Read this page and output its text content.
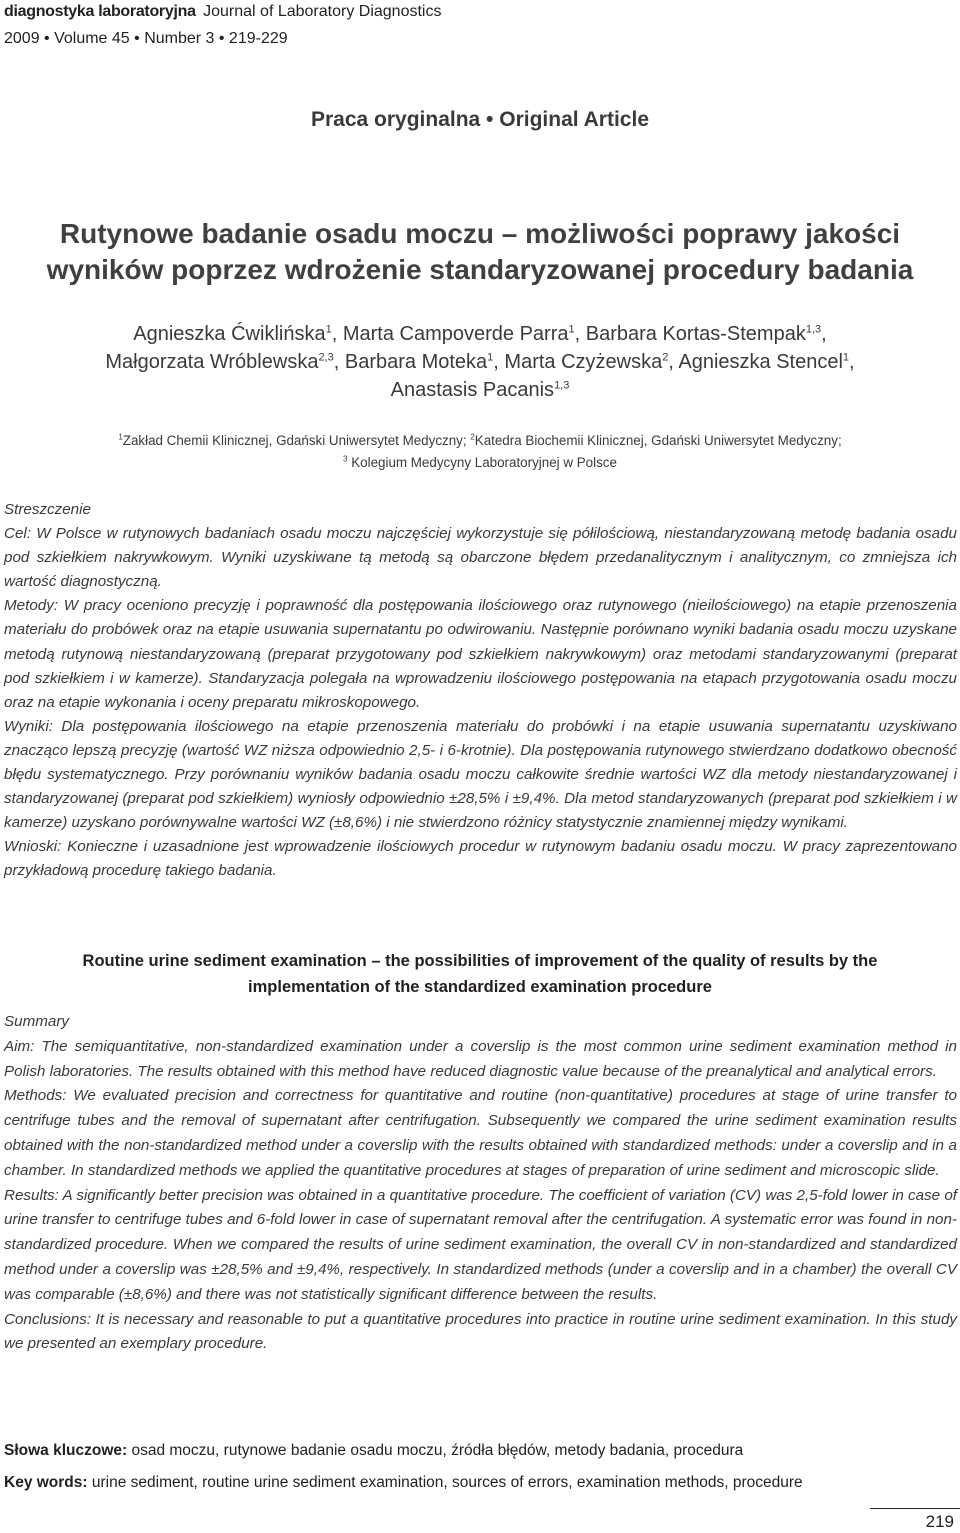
diagnostyka laboratoryjna Journal of Laboratory Diagnostics
2009 • Volume 45 • Number 3 • 219-229
Praca oryginalna • Original Article
Rutynowe badanie osadu moczu – możliwości poprawy jakości
wyników poprzez wdrożenie standaryzowanej procedury badania
Agnieszka Ćwiklińska$^1$, Marta Campoverde Parra$^1$, Barbara Kortas-Stempak$^{1,3}$,
Małgorzata Wróblewska$^{2,3}$, Barbara Moteka$^1$, Marta Czyżewska$^2$, Agnieszka Stencel$^1$,
Anastasis Pacanis$^{1,3}$
$^1$Zakład Chemii Klinicznej, Gdański Uniwersytet Medyczny; $^2$Katedra Biochemii Klinicznej, Gdański Uniwersytet Medyczny;
$^3$ Kolegium Medycyny Laboratoryjnej w Polsce

Streszczenie

Cel: W Polsce w rutynowych badaniach osadu moczu najczęściej wykorzystuje się półilościową, niestandaryzowaną metodę badania osadu pod szkiełkiem nakrywkowym. Wyniki uzyskiwane tą metodą są obarczone błędem przedanalitycznym i analitycznym, co zmniejsza ich wartość diagnostyczną.

Metody: W pracy oceniono precyzję i poprawność dla postępowania ilościowego oraz rutynowego (nieilościowego) na etapie przenoszenia materiału do probówek oraz na etapie usuwania supernatantu po odwirowaniu. Następnie porównano wyniki badania osadu moczu uzyskane metodą rutynową niestandaryzowaną (preparat przygotowany pod szkiełkiem nakrywkowym) oraz metodami standaryzowanymi (preparat pod szkiełkiem i w kamerze). Standaryzacja polegała na wprowadzeniu ilościowego postępowania na etapach przygotowania osadu moczu oraz na etapie wykonania i oceny preparatu mikroskopowego.

Wyniki: Dla postępowania ilościowego na etapie przenoszenia materiału do probówki i na etapie usuwania supernatantu uzyskiwano znacząco lepszą precyzję (wartość WZ niższa odpowiednio 2,5- i 6-krotnie). Dla postępowania rutynowego stwierdzano dodatkowo obecność błędu systematycznego. Przy porównaniu wyników badania osadu moczu całkowite średnie wartości WZ dla metody niestandaryzowanej i standaryzowanej (preparat pod szkiełkiem) wyniosły odpowiednio ±28,5% i ±9,4%. Dla metod standaryzowanych (preparat pod szkiełkiem i w kamerze) uzyskano porównywalne wartości WZ (±8,6%) i nie stwierdzono różnicy statystycznie znamiennej między wynikami.

Wnioski: Konieczne i uzasadnione jest wprowadzenie ilościowych procedur w rutynowym badaniu osadu moczu. W pracy zaprezentowano przykładową procedurę takiego badania.

Routine urine sediment examination – the possibilities of improvement of the quality of results by the implementation of the standardized examination procedure

Summary

Aim: The semiquantitative, non-standardized examination under a coverslip is the most common urine sediment examination method in Polish laboratories. The results obtained with this method have reduced diagnostic value because of the preanalytical and analytical errors.

Methods: We evaluated precision and correctness for quantitative and routine (non-quantitative) procedures at stage of urine transfer to centrifuge tubes and the removal of supernatant after centrifugation. Subsequently we compared the urine sediment examination results obtained with the non-standardized method under a coverslip with the results obtained with standardized methods: under a coverslip and in a chamber. In standardized methods we applied the quantitative procedures at stages of preparation of urine sediment and microscopic slide.

Results: A significantly better precision was obtained in a quantitative procedure. The coefficient of variation (CV) was 2,5-fold lower in case of urine transfer to centrifuge tubes and 6-fold lower in case of supernatant removal after the centrifugation. A systematic error was found in non-standardized procedure. When we compared the results of urine sediment examination, the overall CV in non-standardized and standardized method under a coverslip was ±28,5% and ±9,4%, respectively. In standardized methods (under a coverslip and in a chamber) the overall CV was comparable (±8,6%) and there was not statistically significant difference between the results.

Conclusions: It is necessary and reasonable to put a quantitative procedures into practice in routine urine sediment examination. In this study we presented an exemplary procedure.

Słowa kluczowe: osad moczu, rutynowe badanie osadu moczu, źródła błędów, metody badania, procedura
Key words: urine sediment, routine urine sediment examination, sources of errors, examination methods, procedure
219
